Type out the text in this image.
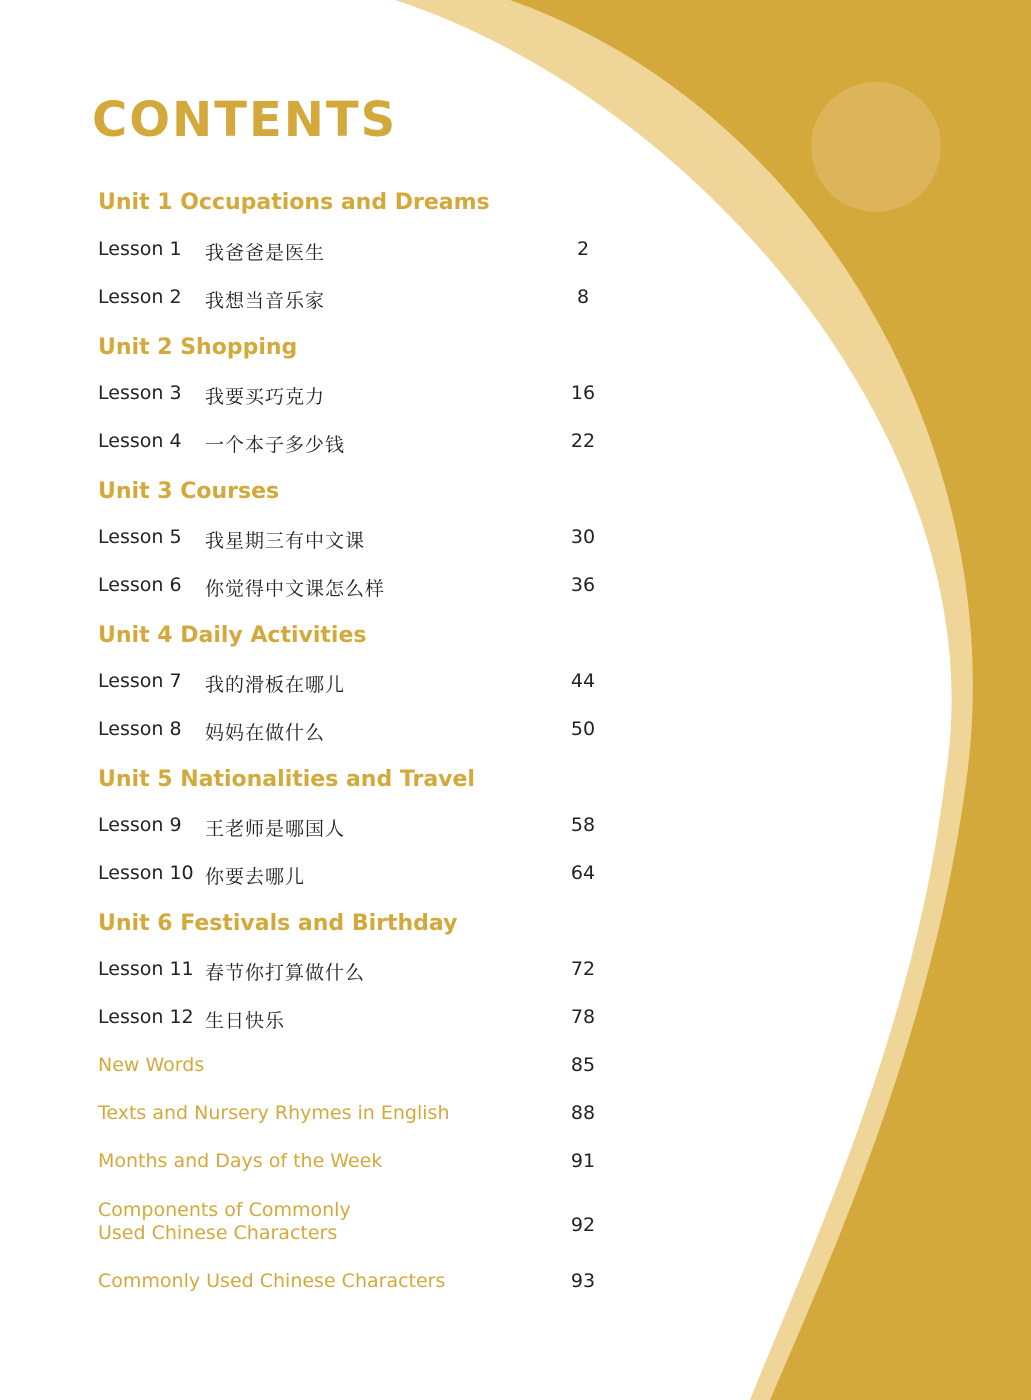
CONTENTS
Unit 1 Occupations and Dreams
Lesson 1 我爸爸是医生	2
Lesson 2 我想当音乐家	8
Unit 2 Shopping
Lesson 3 我要买巧克力	16
Lesson 4 一个本子多少钱	22
Unit 3 Courses
Lesson 5 我星期三有中文课	30
Lesson 6 你觉得中文课怎么样	36
Unit 4 Daily Activities
Lesson 7 我的滑板在哪儿	44
Lesson 8 妈妈在做什么	50
Unit 5 Nationalities and Travel
Lesson 9 王老师是哪国人	58
Lesson 10 你要去哪儿	64
Unit 6 Festivals and Birthday
Lesson 11 春节你打算做什么	72
Lesson 12 生日快乐	78
New Words	85
Texts and Nursery Rhymes in English	88
Months and Days of the Week	91
Components of Commonly
Used Chinese Characters	92
Commonly Used Chinese Characters	93
